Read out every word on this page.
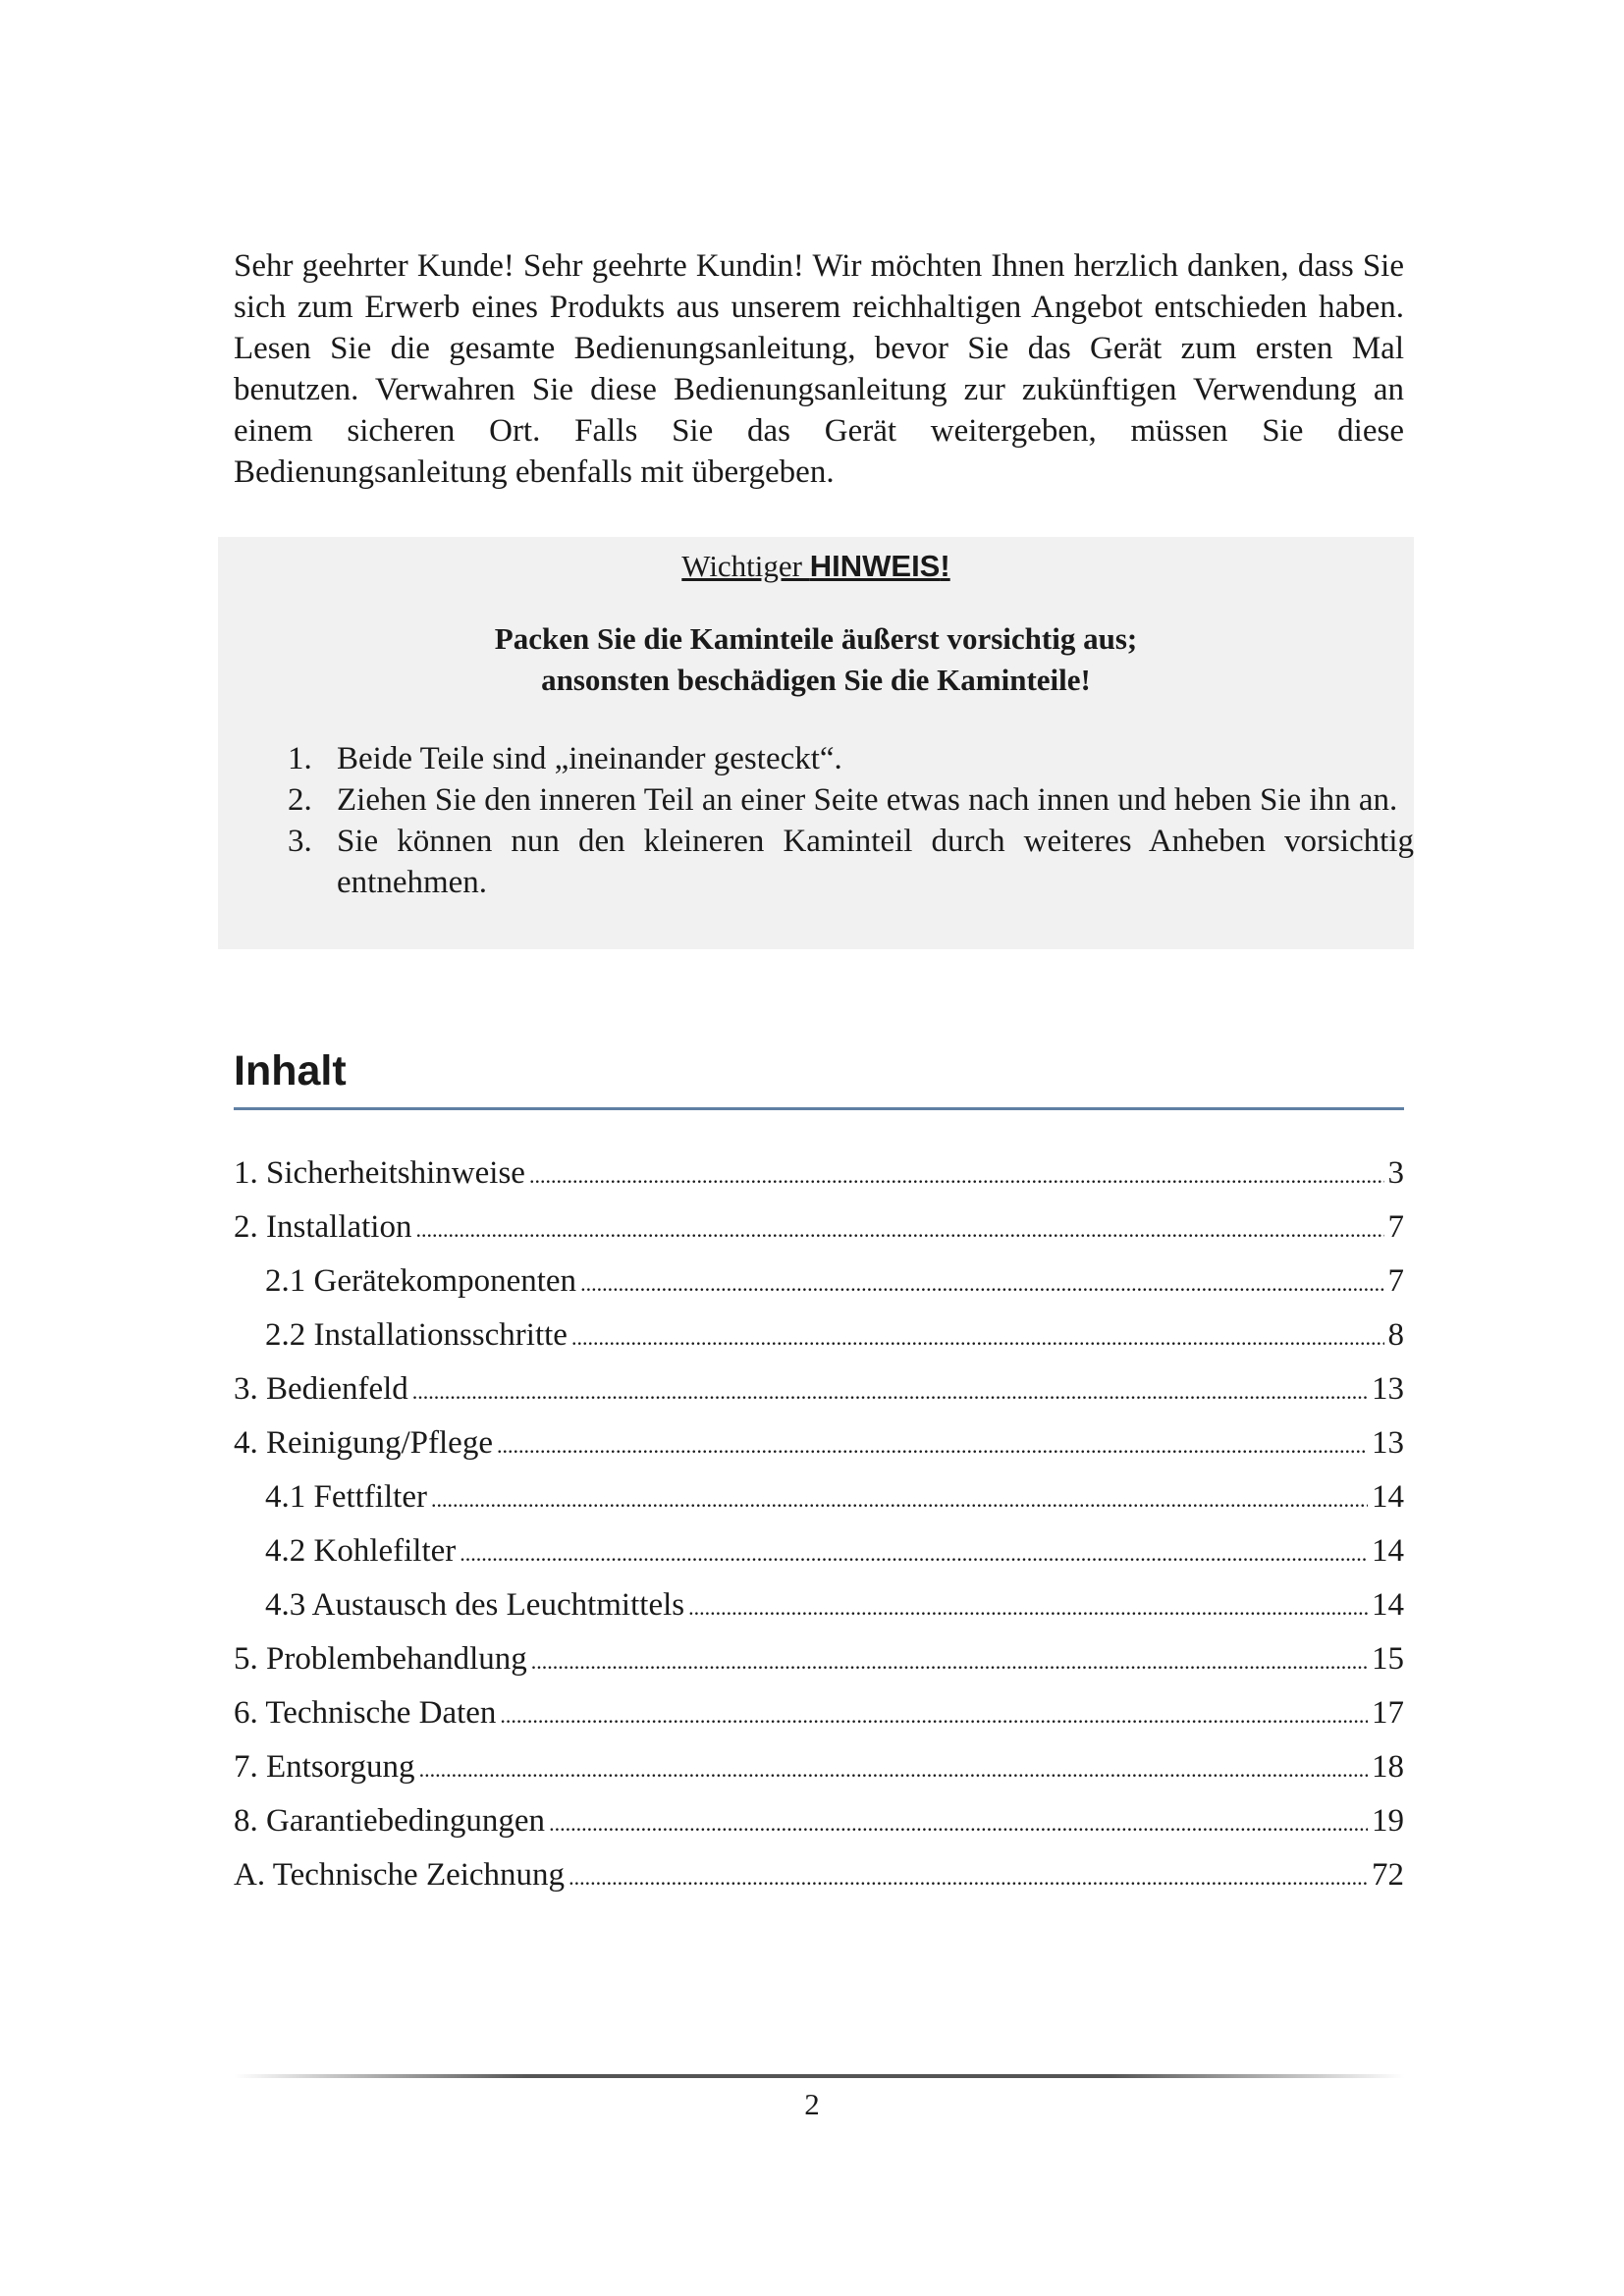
Sehr geehrter Kunde! Sehr geehrte Kundin! Wir möchten Ihnen herzlich danken, dass Sie sich zum Erwerb eines Produkts aus unserem reichhaltigen Angebot entschieden haben. Lesen Sie die gesamte Bedienungsanleitung, bevor Sie das Gerät zum ersten Mal benutzen. Verwahren Sie diese Bedienungsanleitung zur zukünftigen Verwendung an einem sicheren Ort. Falls Sie das Gerät weitergeben, müssen Sie diese Bedienungsanleitung ebenfalls mit übergeben.

Wichtiger HINWEIS!
Packen Sie die Kaminteile äußerst vorsichtig aus;
ansonsten beschädigen Sie die Kaminteile!
1. Beide Teile sind „ineinander gesteckt“.
2. Ziehen Sie den inneren Teil an einer Seite etwas nach innen und heben Sie ihn an.
3. Sie können nun den kleineren Kaminteil durch weiteres Anheben vorsichtig entnehmen.
Inhalt
1. Sicherheitshinweise .....	3
2. Installation .....	7
2.1 Gerätekomponenten .....	7
2.2 Installationsschritte .....	8
3. Bedienfeld .....	13
4. Reinigung/Pflege .....	13
4.1 Fettfilter .....	14
4.2 Kohlefilter .....	14
4.3 Austausch des Leuchtmittels .....	14
5. Problembehandlung .....	15
6. Technische Daten .....	17
7. Entsorgung .....	18
8. Garantiebedingungen .....	19
A. Technische Zeichnung .....	72
2
